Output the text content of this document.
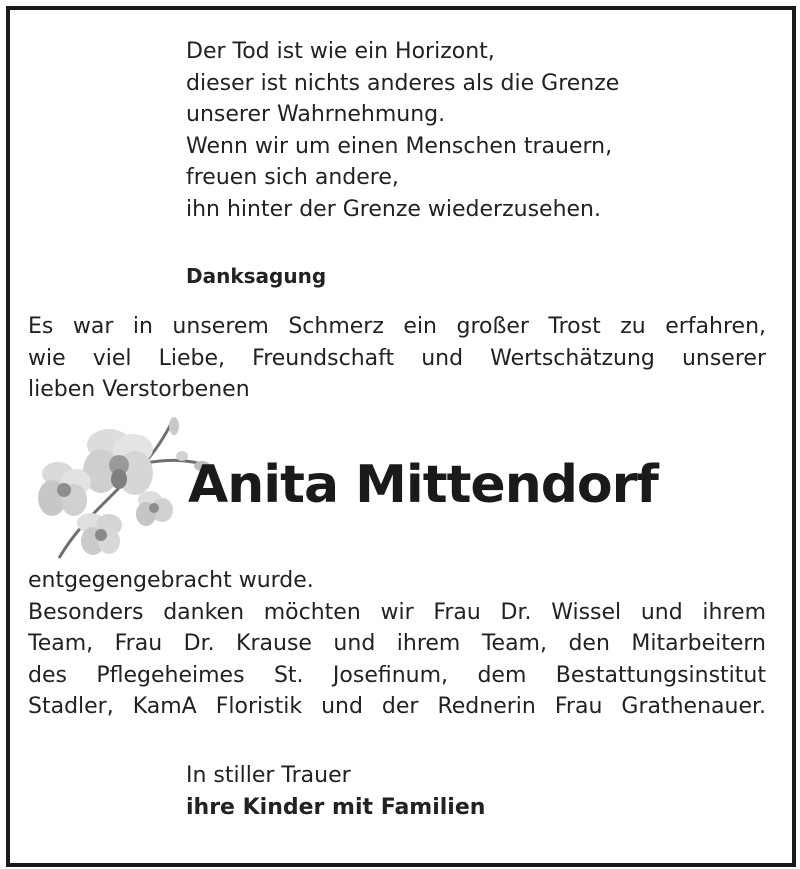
Der Tod ist wie ein Horizont,
dieser ist nichts anderes als die Grenze
unserer Wahrnehmung.
Wenn wir um einen Menschen trauern,
freuen sich andere,
ihn hinter der Grenze wiederzusehen.
Danksagung
Es war in unserem Schmerz ein großer Trost zu erfahren,
wie viel Liebe, Freundschaft und Wertschätzung unserer
lieben Verstorbenen
Anita Mittendorf
entgegengebracht wurde.
Besonders danken möchten wir Frau Dr. Wissel und ihrem
Team, Frau Dr. Krause und ihrem Team, den Mitarbeitern
des Pflegeheimes St. Josefinum, dem Bestattungsinstitut
Stadler, KamA Floristik und der Rednerin Frau Grathenauer.
In stiller Trauer
ihre Kinder mit Familien
